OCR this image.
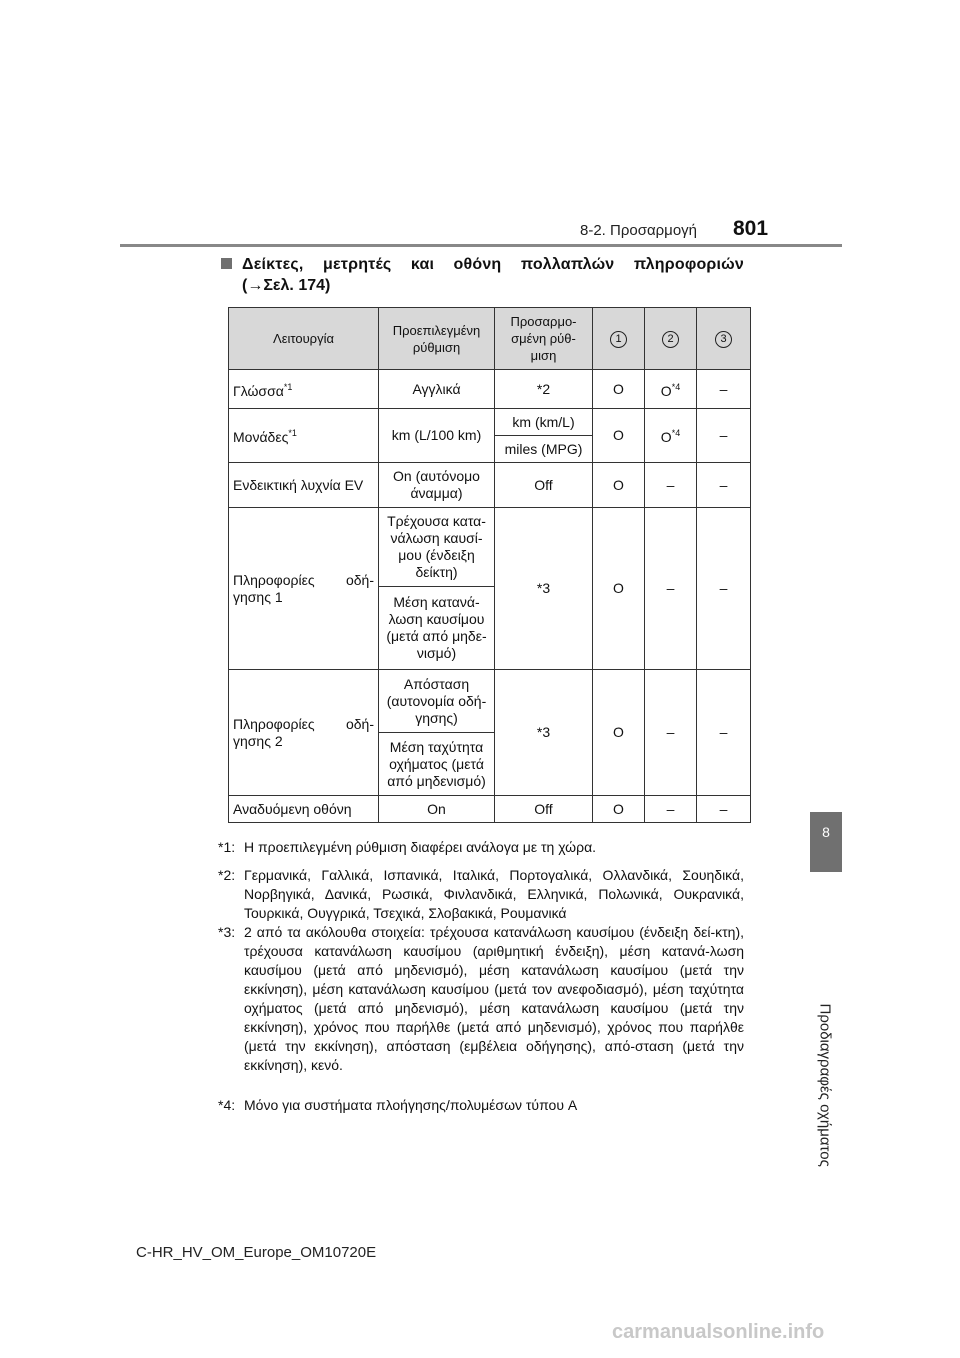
8-2. Προσαρμογή 801
8
Προδιαγραφές οχήματος
Δείκτες, μετρητές και οθόνη πολλαπλών πληροφοριών
(→Σελ. 174)
Λειτουργία	Προεπιλεγμένη ρύθμιση	Προσαρμο-σμένη ρύθ-μιση	1	2	3
Γλώσσα$^{*1}$	Αγγλικά	*2	O	$O^{*4}$	–
Μονάδες$^{*1}$	km (L/100 km)	km (km/L)	O	$O^{*4}$	–
		miles (MPG)			
Ενδεικτική λυχνία EV	On (αυτόνομο άναμμα)	Off	O	–	–
Πληροφορίες οδή-γησης 1	Τρέχουσα κατα-νάλωση καυσί-μου (ένδειξη δείκτη)	*3	O	–	–
	Μέση κατανά-λωση καυσίμου (μετά από μηδε-νισμό)				
Πληροφορίες οδή-γησης 2	Απόσταση (αυτονομία οδή-γησης)	*3	O	–	–
	Μέση ταχύτητα οχήματος (μετά από μηδενισμό)				
Αναδυόμενη οθόνη	On	Off	O	–	–
*1: Η προεπιλεγμένη ρύθμιση διαφέρει ανάλογα με τη χώρα.
*2: Γερμανικά, Γαλλικά, Ισπανικά, Ιταλικά, Πορτογαλικά, Ολλανδικά, Σουηδικά, Νορβηγικά, Δανικά, Ρωσικά, Φινλανδικά, Ελληνικά, Πολωνικά, Ουκρανικά, Τουρκικά, Ουγγρικά, Τσεχικά, Σλοβακικά, Ρουμανικά
*3: 2 από τα ακόλουθα στοιχεία: τρέχουσα κατανάλωση καυσίμου (ένδειξη δεί-κτη), τρέχουσα κατανάλωση καυσίμου (αριθμητική ένδειξη), μέση κατανά-λωση καυσίμου (μετά από μηδενισμό), μέση κατανάλωση καυσίμου (μετά την εκκίνηση), μέση κατανάλωση καυσίμου (μετά τον ανεφοδιασμό), μέση ταχύτητα οχήματος (μετά από μηδενισμό), μέση κατανάλωση καυσίμου (μετά την εκκίνηση), χρόνος που παρήλθε (μετά από μηδενισμό), χρόνος που παρήλθε (μετά την εκκίνηση), απόσταση (εμβέλεια οδήγησης), από-σταση (μετά την εκκίνηση), κενό.
*4: Μόνο για συστήματα πλοήγησης/πολυμέσων τύπου A
C-HR_HV_OM_Europe_OM10720E
carmanualsonline.info
